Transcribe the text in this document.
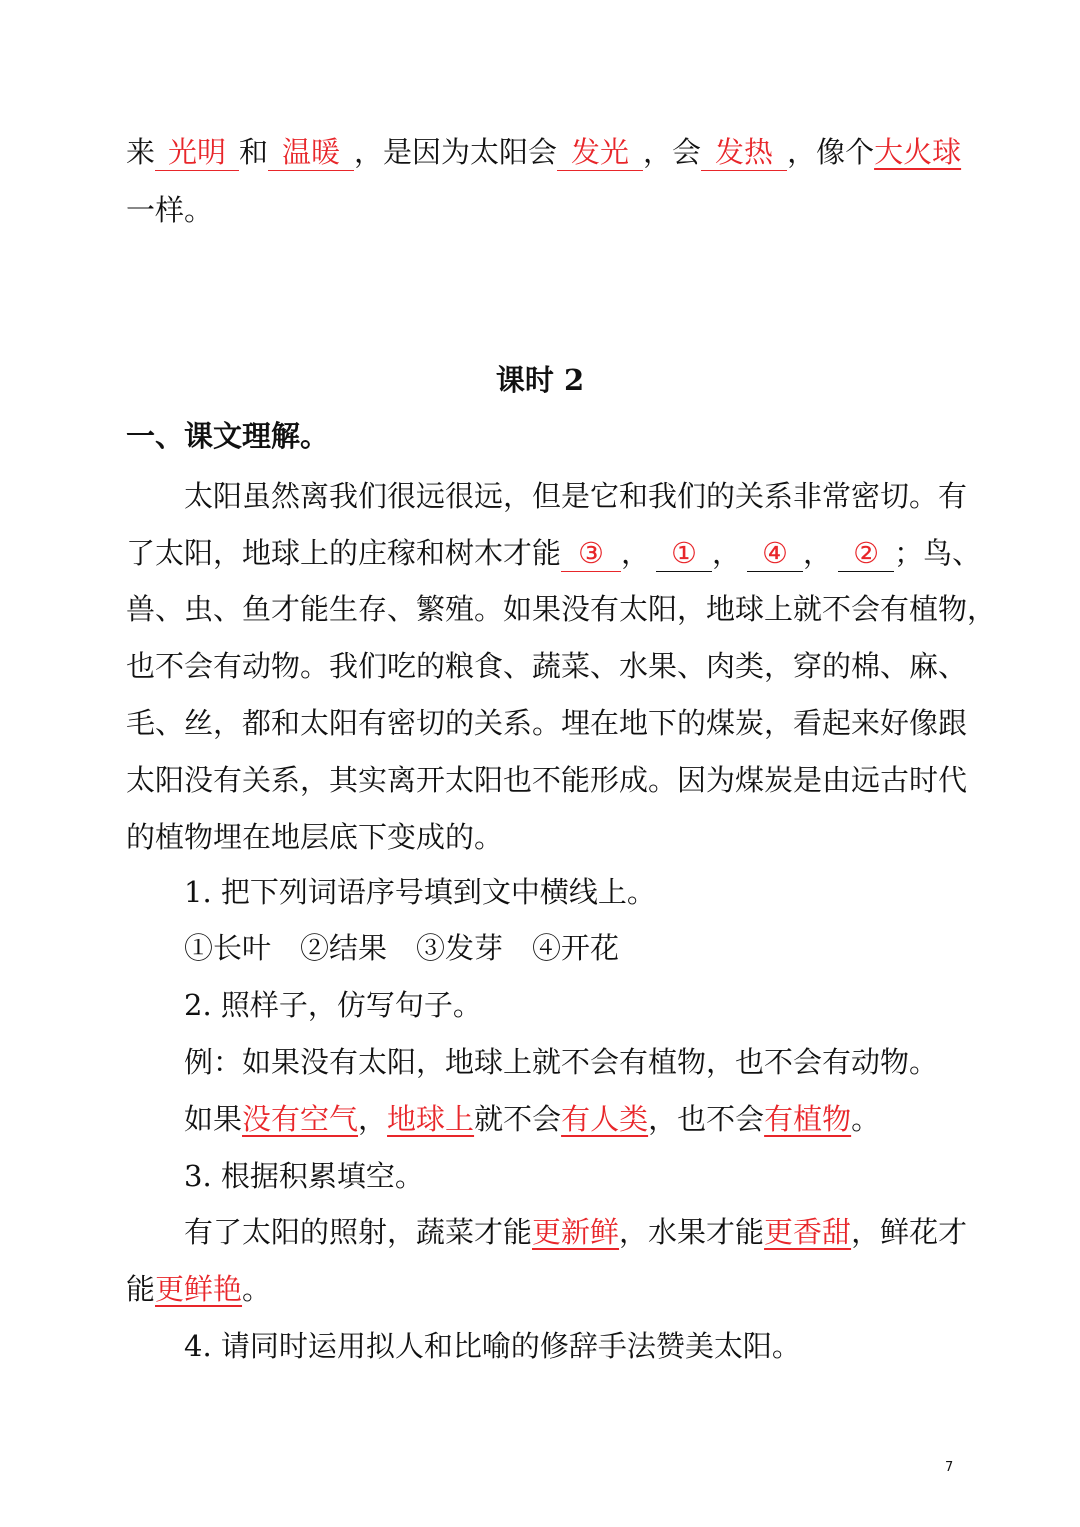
来 光明 和 温暖 ，是因为太阳会 发光 ，会 发热 ，像个大火球
一样。
课时 2
一、课文理解。
太阳虽然离我们很远很远，但是它和我们的关系非常密切。有
了太阳，地球上的庄稼和树木才能 ③ ， ① ， ④ ， ② ；鸟、
兽、虫、鱼才能生存、繁殖。如果没有太阳，地球上就不会有植物，
也不会有动物。我们吃的粮食、蔬菜、水果、肉类，穿的棉、麻、
毛、丝，都和太阳有密切的关系。埋在地下的煤炭，看起来好像跟
太阳没有关系，其实离开太阳也不能形成。因为煤炭是由远古时代
的植物埋在地层底下变成的。
1. 把下列词语序号填到文中横线上。
①长叶　②结果　③发芽　④开花
2. 照样子，仿写句子。
例：如果没有太阳，地球上就不会有植物，也不会有动物。
如果没有空气，地球上就不会有人类，也不会有植物。
3. 根据积累填空。
有了太阳的照射，蔬菜才能更新鲜，水果才能更香甜，鲜花才
能更鲜艳。
4. 请同时运用拟人和比喻的修辞手法赞美太阳。
7
